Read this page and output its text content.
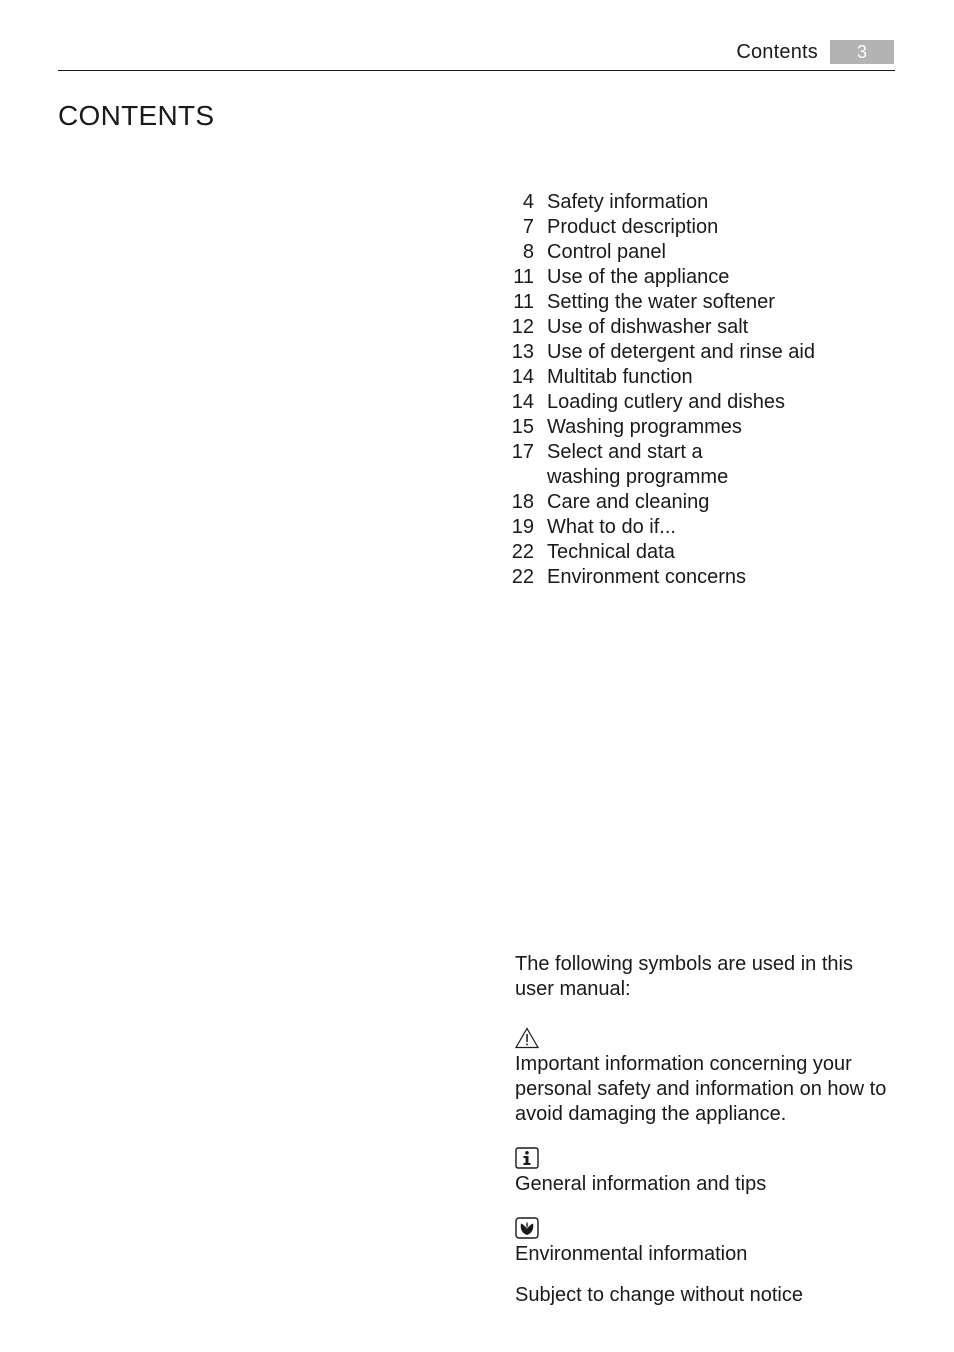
Contents	3
CONTENTS
4 Safety information
7 Product description
8 Control panel
11 Use of the appliance
11 Setting the water softener
12 Use of dishwasher salt
13 Use of detergent and rinse aid
14 Multitab function
14 Loading cutlery and dishes
15 Washing programmes
17 Select and start a washing programme
18 Care and cleaning
19 What to do if...
22 Technical data
22 Environment concerns

The following symbols are used in this user manual:

Important information concerning your personal safety and information on how to avoid damaging the appliance.

General information and tips

Environmental information

Subject to change without notice
